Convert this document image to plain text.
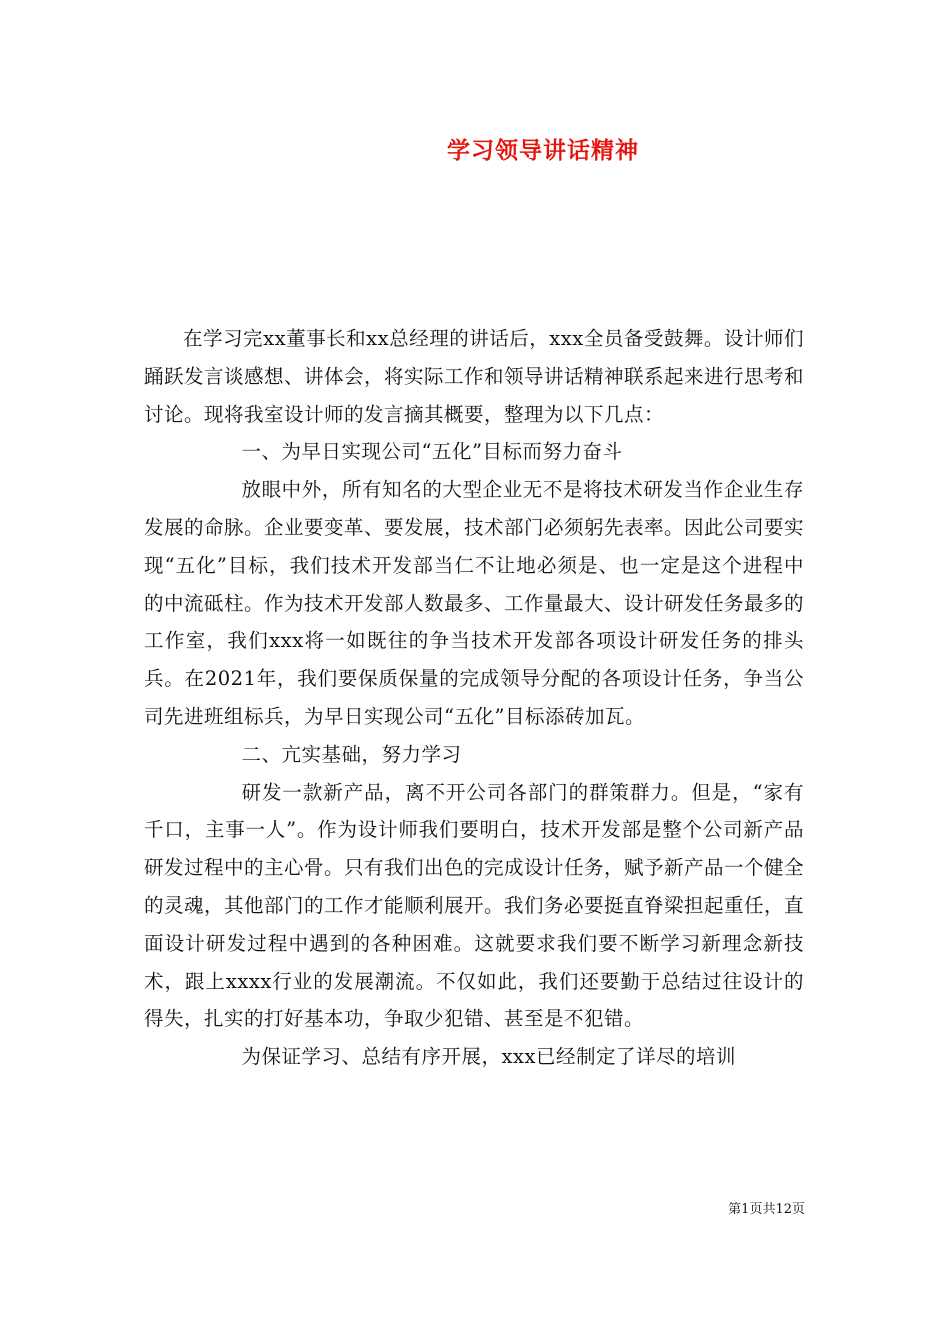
学习领导讲话精神

在学习完xx董事长和xx总经理的讲话后，xxx全员备受鼓舞。设计师们踊跃发言谈感想、讲体会，将实际工作和领导讲话精神联系起来进行思考和讨论。现将我室设计师的发言摘其概要，整理为以下几点：

一、为早日实现公司“五化”目标而努力奋斗

放眼中外，所有知名的大型企业无不是将技术研发当作企业生存发展的命脉。企业要变革、要发展，技术部门必须躬先表率。因此公司要实现“五化”目标，我们技术开发部当仁不让地必须是、也一定是这个进程中的中流砥柱。作为技术开发部人数最多、工作量最大、设计研发任务最多的工作室，我们xxx将一如既往的争当技术开发部各项设计研发任务的排头兵。在2021年，我们要保质保量的完成领导分配的各项设计任务，争当公司先进班组标兵，为早日实现公司“五化”目标添砖加瓦。

二、亢实基础，努力学习

研发一款新产品，离不开公司各部门的群策群力。但是，“家有千口，主事一人”。作为设计师我们要明白，技术开发部是整个公司新产品研发过程中的主心骨。只有我们出色的完成设计任务，赋予新产品一个健全的灵魂，其他部门的工作才能顺利展开。我们务必要挺直脊梁担起重任，直面设计研发过程中遇到的各种困难。这就要求我们要不断学习新理念新技术，跟上xxxx行业的发展潮流。不仅如此，我们还要勤于总结过往设计的得失，扎实的打好基本功，争取少犯错、甚至是不犯错。

为保证学习、总结有序开展，xxx已经制定了详尽的培训

第1页共12页
